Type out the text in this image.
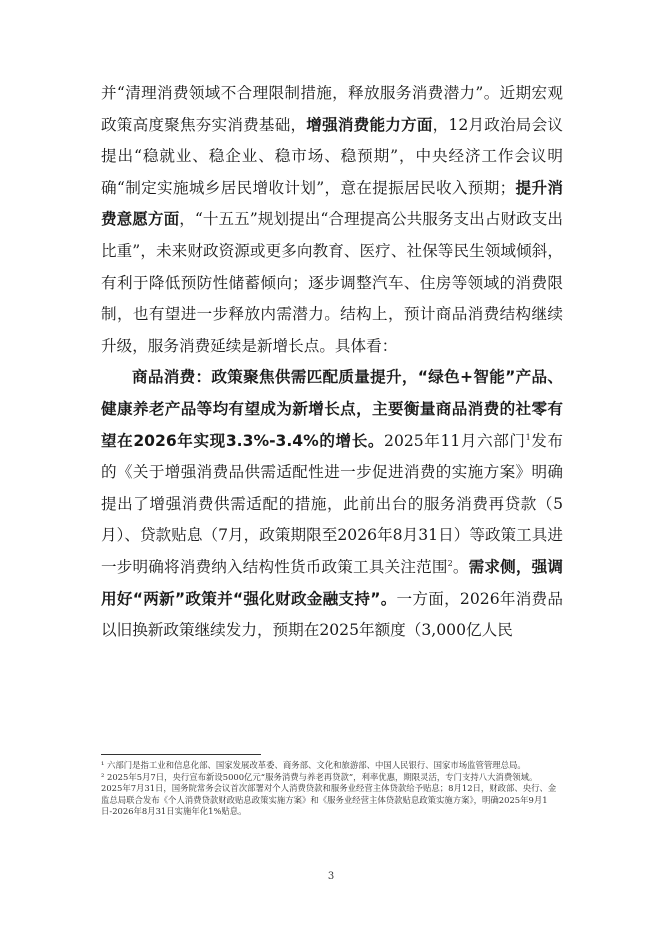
并“清理消费领域不合理限制措施，释放服务消费潜力”。近期宏观政策高度聚焦夯实消费基础，增强消费能力方面，12月政治局会议提出“稳就业、稳企业、稳市场、稳预期”，中央经济工作会议明确“制定实施城乡居民增收计划”，意在提振居民收入预期；提升消费意愿方面，“十五五”规划提出“合理提高公共服务支出占财政支出比重”，未来财政资源或更多向教育、医疗、社保等民生领域倾斜，有利于降低预防性储蓄倾向；逐步调整汽车、住房等领域的消费限制，也有望进一步释放内需潜力。结构上，预计商品消费结构继续升级，服务消费延续是新增长点。具体看：

商品消费：政策聚焦供需匹配质量提升，“绿色+智能”产品、健康养老产品等均有望成为新增长点，主要衡量商品消费的社零有望在2026年实现3.3%-3.4%的增长。2025年11月六部门$^1$发布的《关于增强消费品供需适配性进一步促进消费的实施方案》明确提出了增强消费供需适配的措施，此前出台的服务消费再贷款（5月）、贷款贴息（7月，政策期限至2026年8月31日）等政策工具进一步明确将消费纳入结构性货币政策工具关注范围$^2$。需求侧，强调用好“两新”政策并“强化财政金融支持”。一方面，2026年消费品以旧换新政策继续发力，预期在2025年额度（3,000亿人民

¹ 六部门是指工业和信息化部、国家发展改革委、商务部、文化和旅游部、中国人民银行、国家市场监管管理总局。

² 2025年5月7日，央行宣布新设5000亿元“服务消费与养老再贷款”，利率优惠，期限灵活，专门支持八大消费领域。

2025年7月31日，国务院常务会议首次部署对个人消费贷款和服务业经营主体贷款给予贴息；8月12日，财政部、央行、金监总局联合发布《个人消费贷款财政贴息政策实施方案》和《服务业经营主体贷款贴息政策实施方案》，明确2025年9月1日-2026年8月31日实施年化1%贴息。

3
